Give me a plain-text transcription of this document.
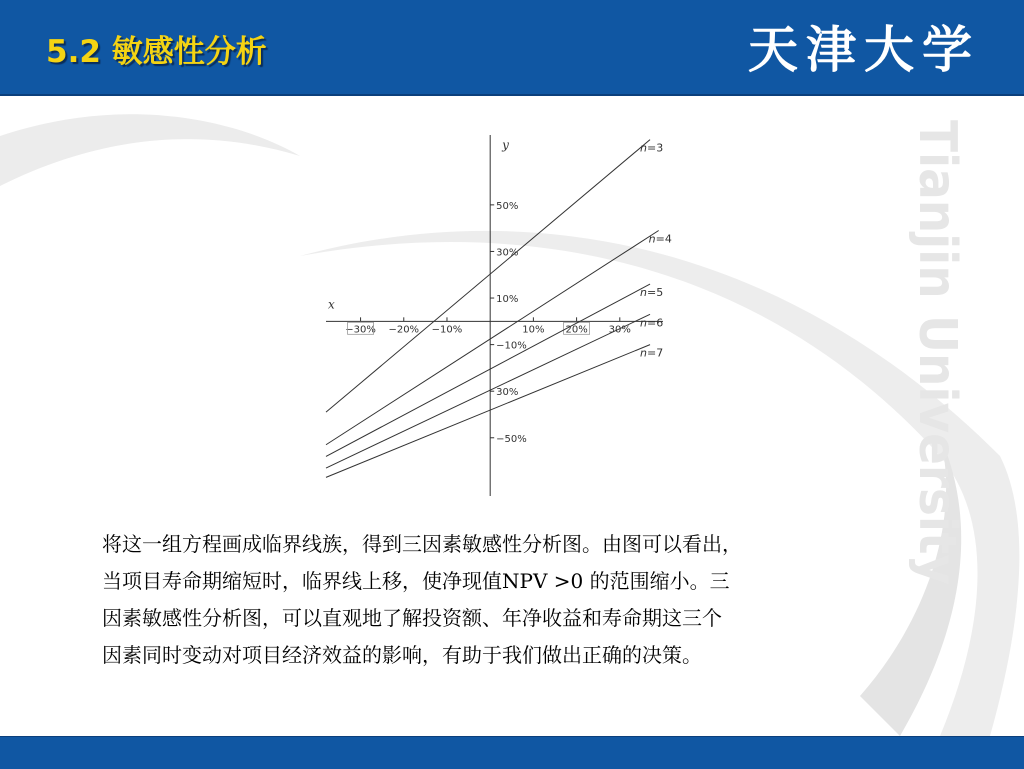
5.2 敏感性分析	天津大学
Tianjin University
y
x
−30% −20% −10%	10% 20% 30%
50%
30%
10%
−10%
30%
−50%
n=3
n=4
n=5
n=6
n=7

将这一组方程画成临界线族，得到三因素敏感性分析图。由图可以看出，

当项目寿命期缩短时，临界线上移，使净现值NPV >0 的范围缩小。三

因素敏感性分析图，可以直观地了解投资额、年净收益和寿命期这三个

因素同时变动对项目经济效益的影响，有助于我们做出正确的决策。
